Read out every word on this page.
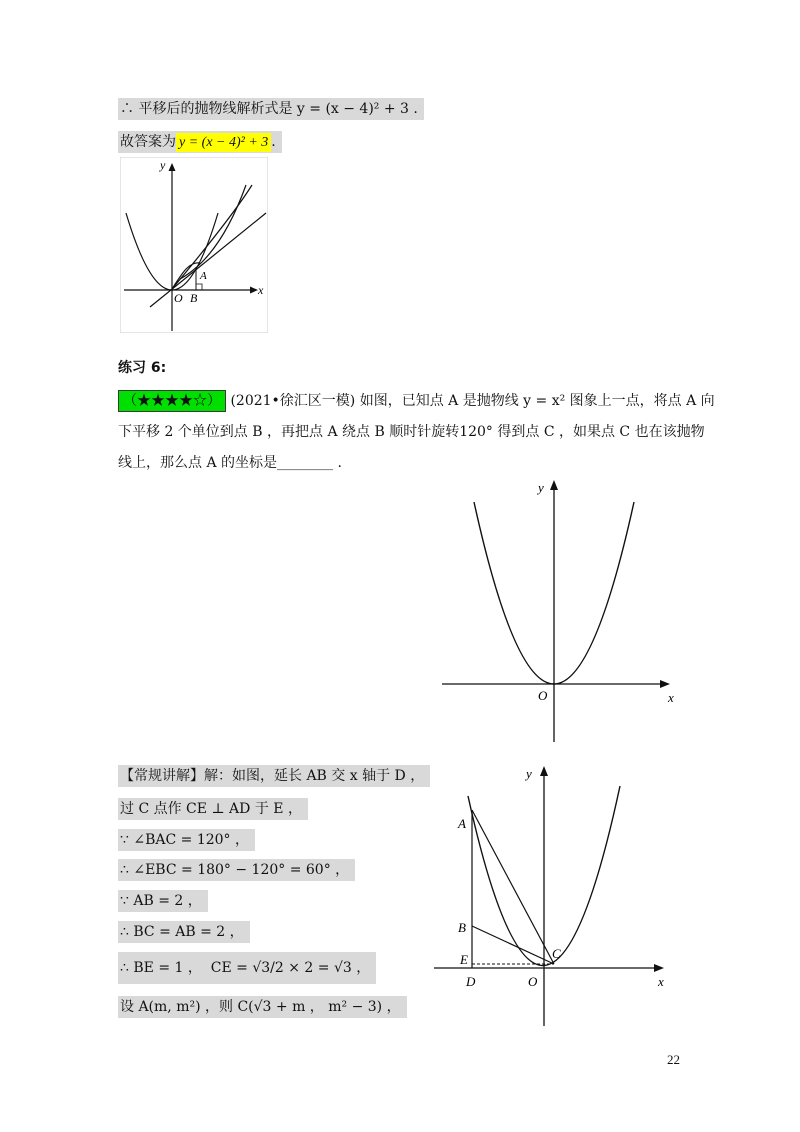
∴ 平移后的抛物线解析式是 y = (x − 4)² + 3 .
故答案为 y = (x − 4)² + 3 .
A
B
O
x
y
练习 6:
（★★★★☆） (2021•徐汇区一模) 如图，已知点 A 是抛物线 y = x² 图象上一点，将点 A 向
下平移 2 个单位到点 B ，再把点 A 绕点 B 顺时针旋转120° 得到点 C ，如果点 C 也在该抛物
线上，那么点 A 的坐标是________ .
O	x
y
【常规讲解】解：如图，延长 AB 交 x 轴于 D ，
过 C 点作 CE ⊥ AD 于 E ，
∵ ∠BAC = 120° ，
∴ ∠EBC = 180° − 120° = 60° ，
∵ AB = 2 ，
∴ BC = AB = 2 ，
∴ BE = 1 ， CE = √3/2 × 2 = √3 ，
设 A(m, m²) ，则 C(√3 + m ， m² − 3) ，
A
B
C
E
D	O	x
y
22
